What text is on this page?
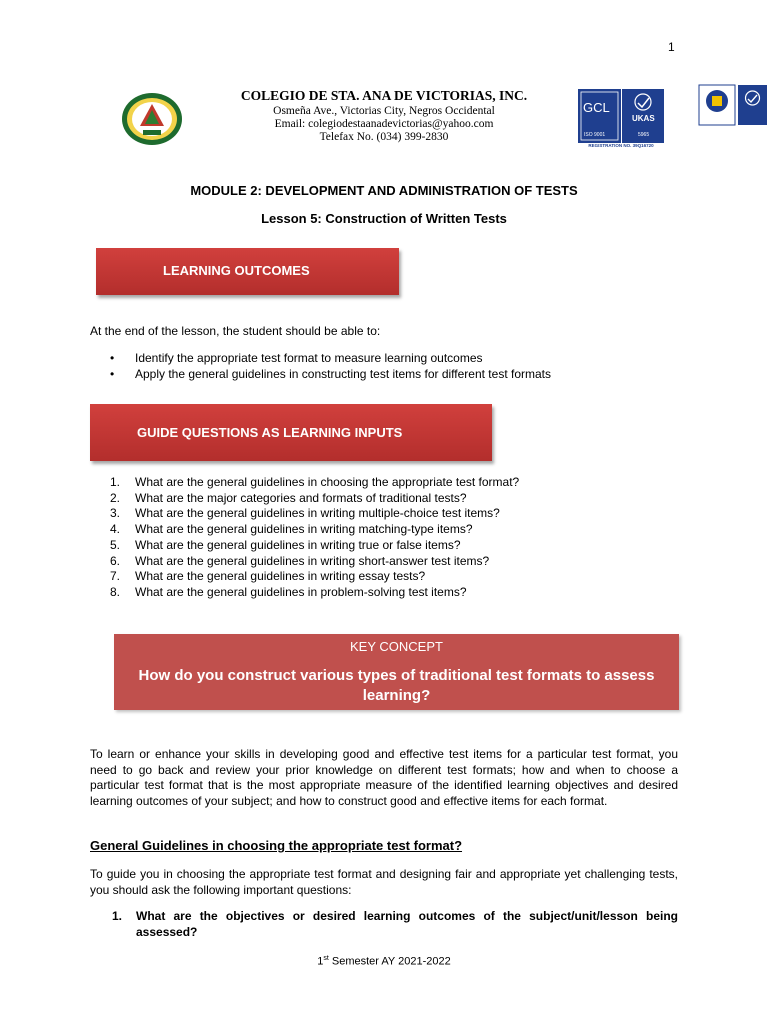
1
COLEGIO DE STA. ANA DE VICTORIAS, INC.
Osmeña Ave., Victorias City, Negros Occidental
Email: colegiodestaanadevictorias@yahoo.com
Telefax No. (034) 399-2830
GCL
ISO 9001
UKAS
5965
REGISTRATION NO. 39Q16720
MODULE 2: DEVELOPMENT AND ADMINISTRATION OF TESTS
Lesson 5: Construction of Written Tests
LEARNING OUTCOMES
At the end of the lesson, the student should be able to:
• Identify the appropriate test format to measure learning outcomes
• Apply the general guidelines in constructing test items for different test formats
GUIDE QUESTIONS AS LEARNING INPUTS
1. What are the general guidelines in choosing the appropriate test format?
2. What are the major categories and formats of traditional tests?
3. What are the general guidelines in writing multiple-choice test items?
4. What are the general guidelines in writing matching-type items?
5. What are the general guidelines in writing true or false items?
6. What are the general guidelines in writing short-answer test items?
7. What are the general guidelines in writing essay tests?
8. What are the general guidelines in problem-solving test items?
KEY CONCEPT
How do you construct various types of traditional test formats to assess learning?
To learn or enhance your skills in developing good and effective test items for a particular test format, you need to go back and review your prior knowledge on different test formats; how and when to choose a particular test format that is the most appropriate measure of the identified learning objectives and desired learning outcomes of your subject; and how to construct good and effective items for each format.
General Guidelines in choosing the appropriate test format?
To guide you in choosing the appropriate test format and designing fair and appropriate yet challenging tests, you should ask the following important questions:
1. What are the objectives or desired learning outcomes of the subject/unit/lesson being assessed?
1st Semester AY 2021-2022
